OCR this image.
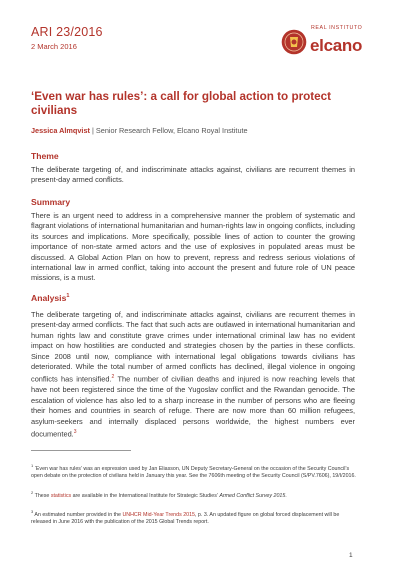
ARI 23/2016
2 March 2016
REAL INSTITUTO
elcano
‘Even war has rules’: a call for global action to protect civilians
Jessica Almqvist | Senior Research Fellow, Elcano Royal Institute
Theme

The deliberate targeting of, and indiscriminate attacks against, civilians are recurrent themes in present-day armed conflicts.

Summary

There is an urgent need to address in a comprehensive manner the problem of systematic and flagrant violations of international humanitarian and human-rights law in ongoing conflicts, including its sources and implications. More specifically, possible lines of action to counter the growing importance of non-state armed actors and the use of explosives in populated areas must be discussed. A Global Action Plan on how to prevent, repress and redress serious violations of international law in armed conflict, taking into account the present and future role of UN peace missions, is a must.

Analysis$^1$

The deliberate targeting of, and indiscriminate attacks against, civilians are recurrent themes in present-day armed conflicts. The fact that such acts are outlawed in international humanitarian and human rights law and constitute grave crimes under international criminal law has no evident impact on how hostilities are conducted and strategies chosen by the parties in these conflicts. Since 2008 until now, compliance with international legal obligations towards civilians has deteriorated. While the total number of armed conflicts has declined, illegal violence in ongoing conflicts has intensified.$^2$ The number of civilian deaths and injured is now reaching levels that have not been registered since the time of the Yugoslav conflict and the Rwandan genocide. The escalation of violence has also led to a sharp increase in the number of persons who are fleeing their homes and countries in search of refuge. There are now more than 60 million refugees, asylum-seekers and internally displaced persons worldwide, the highest numbers ever documented.$^3$

$^1$ ‘Even war has rules’ was an expression used by Jan Eliasson, UN Deputy Secretary-General on the occasion of the Security Council’s open debate on the protection of civilians held in January this year. See the 7606th meeting of the Security Council (S/PV.7606), 19/I/2016.

$^2$ These statistics are available in the International Institute for Strategic Studies’ Armed Conflict Survey 2015.

$^3$ An estimated number provided in the UNHCR Mid-Year Trends 2015, p. 3. An updated figure on global forced displacement will be released in June 2016 with the publication of the 2015 Global Trends report.

1
